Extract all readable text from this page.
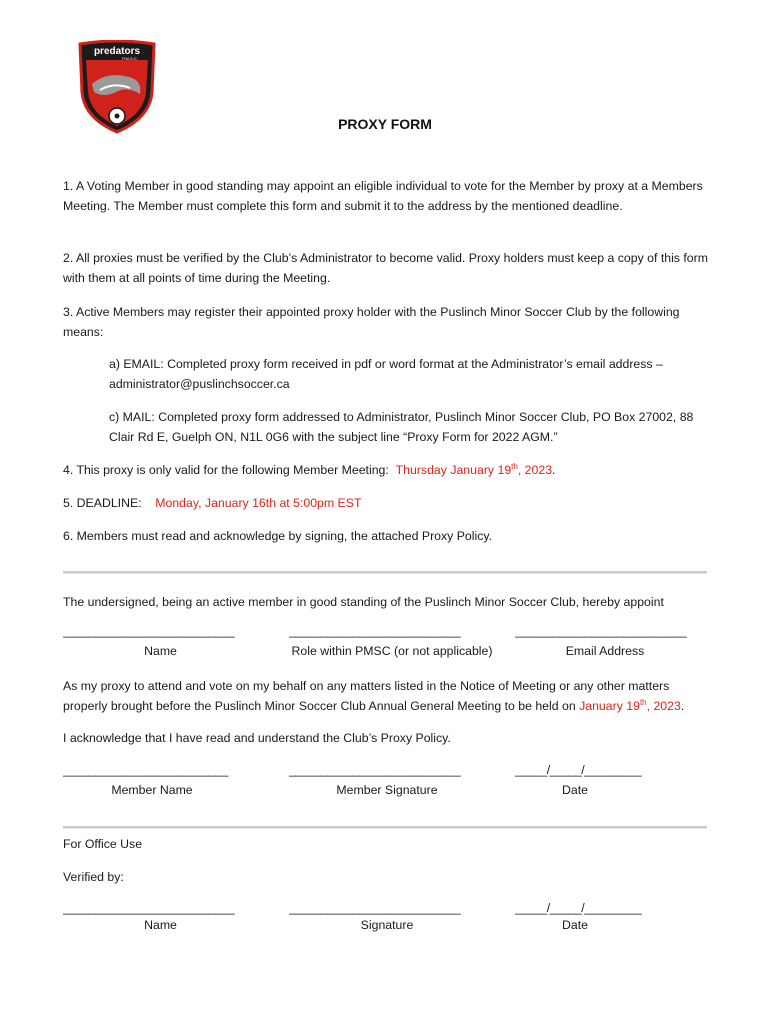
predators
P.M.S.C.
PROXY FORM
1. A Voting Member in good standing may appoint an eligible individual to vote for the Member by proxy at a Members Meeting. The Member must complete this form and submit it to the address by the mentioned deadline.
2. All proxies must be verified by the Club’s Administrator to become valid. Proxy holders must keep a copy of this form with them at all points of time during the Meeting.
3. Active Members may register their appointed proxy holder with the Puslinch Minor Soccer Club by the following means:
a) EMAIL: Completed proxy form received in pdf or word format at the Administrator’s email address –
administrator@puslinchsoccer.ca
c) MAIL: Completed proxy form addressed to Administrator, Puslinch Minor Soccer Club, PO Box 27002, 88 Clair Rd E, Guelph ON, N1L 0G6 with the subject line “Proxy Form for 2022 AGM.”
4. This proxy is only valid for the following Member Meeting: Thursday January 19th, 2023.
5. DEADLINE: Monday, January 16th at 5:00pm EST
6. Members must read and acknowledge by signing, the attached Proxy Policy.
The undersigned, being an active member in good standing of the Puslinch Minor Soccer Club, hereby appoint
___________________________	___________________________	___________________________
Name	Role within PMSC (or not applicable)	Email Address
As my proxy to attend and vote on my behalf on any matters listed in the Notice of Meeting or any other matters properly brought before the Puslinch Minor Soccer Club Annual General Meeting to be held on January 19th, 2023.
I acknowledge that I have read and understand the Club’s Proxy Policy.
__________________________	___________________________	_____/_____/_________
Member Name	Member Signature	Date
For Office Use
Verified by:
___________________________	___________________________	_____/_____/_________
Name	Signature	Date
